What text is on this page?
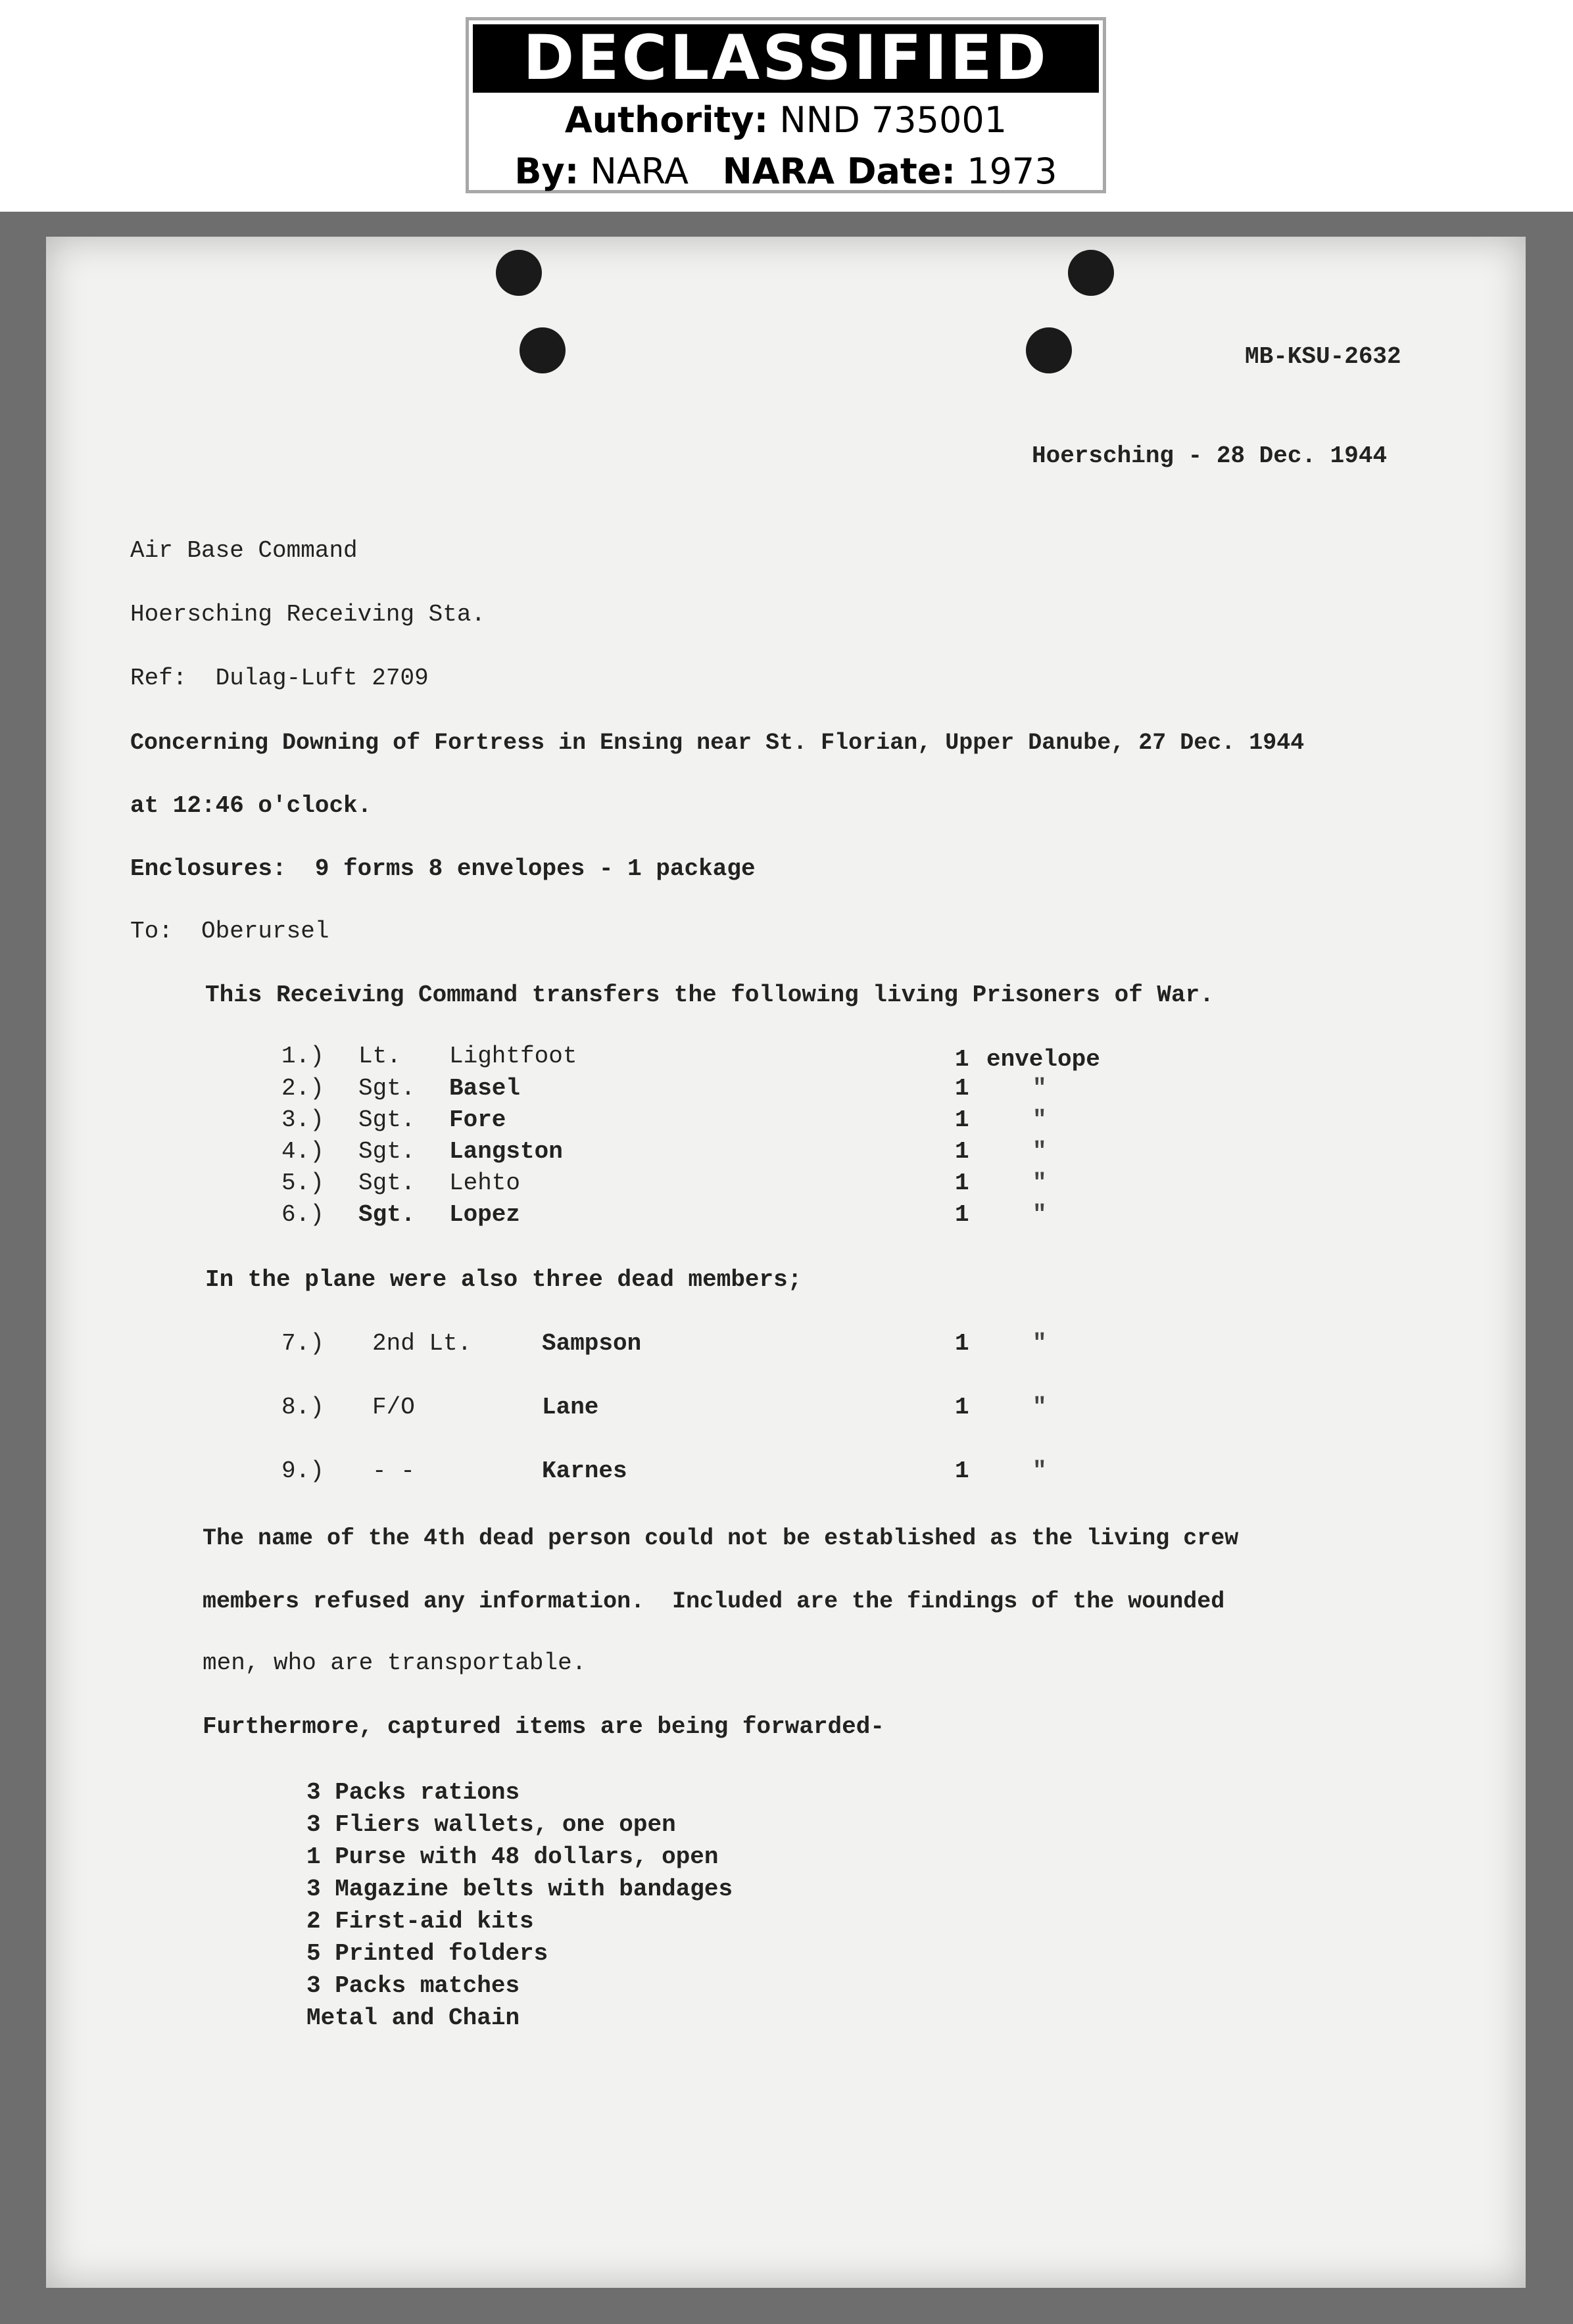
DECLASSIFIED
Authority: NND 735001
By: NARA NARA Date: 1973
MB-KSU-2632
Hoersching - 28 Dec. 1944
Air Base Command
Hoersching Receiving Sta.
Ref:  Dulag-Luft 2709
Concerning Downing of Fortress in Ensing near St. Florian, Upper Danube, 27 Dec. 1944
at 12:46 o'clock.
Enclosures:  9 forms 8 envelopes - 1 package
To:  Oberursel
This Receiving Command transfers the following living Prisoners of War.
1.) Lt. Lightfoot	1 envelope
2.) Sgt. Basel	1	"
3.) Sgt. Fore	1	"
4.) Sgt. Langston	1	"
5.) Sgt. Lehto	1	"
6.) Sgt. Lopez	1	"
In the plane were also three dead members;
7.) 2nd Lt.	Sampson	1	"
8.) F/O	Lane	1	"
9.) - -	Karnes	1	"
The name of the 4th dead person could not be established as the living crew
members refused any information.  Included are the findings of the wounded
men, who are transportable.
Furthermore, captured items are being forwarded-
3 Packs rations
3 Fliers wallets, one open
1 Purse with 48 dollars, open
3 Magazine belts with bandages
2 First-aid kits
5 Printed folders
3 Packs matches
Metal and Chain
